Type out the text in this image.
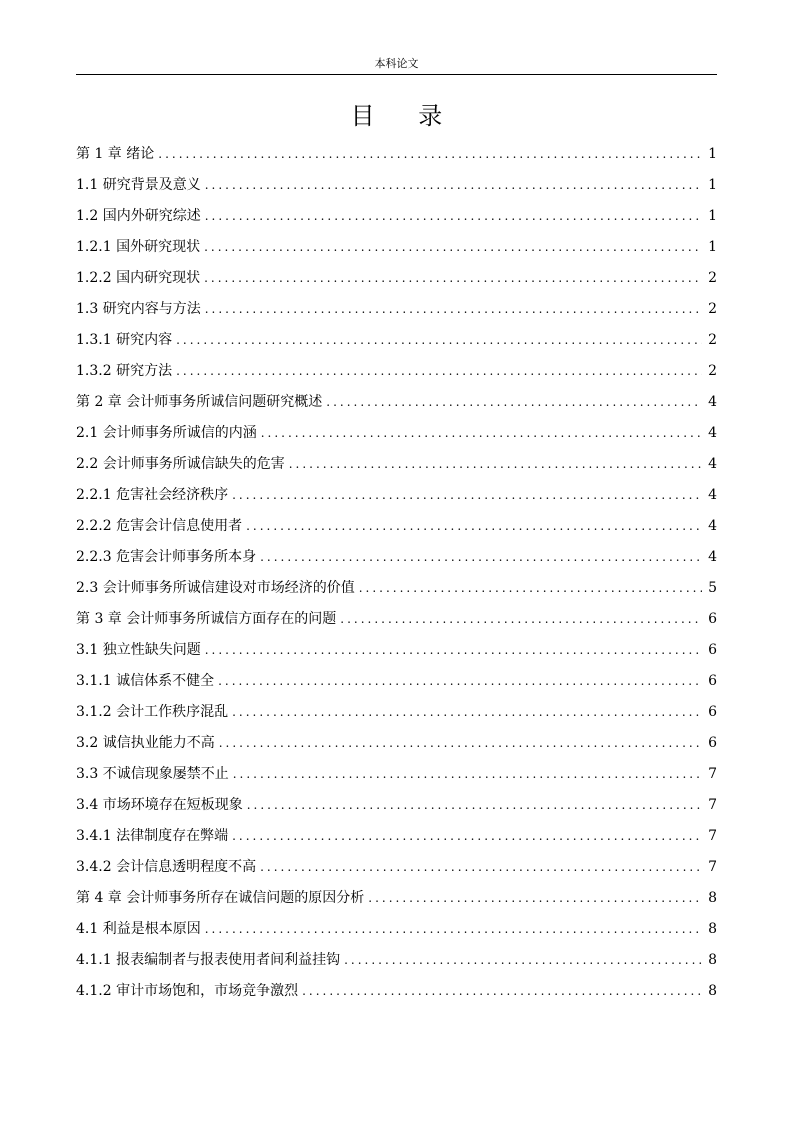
本科论文
目 录
第 1 章 绪论 .....	1
1.1 研究背景及意义 .....	1
1.2 国内外研究综述 .....	1
1.2.1 国外研究现状 .....	1
1.2.2 国内研究现状 .....	2
1.3 研究内容与方法 .....	2
1.3.1 研究内容 .....	2
1.3.2 研究方法 .....	2
第 2 章 会计师事务所诚信问题研究概述 .....	4
2.1 会计师事务所诚信的内涵 .....	4
2.2 会计师事务所诚信缺失的危害 .....	4
2.2.1 危害社会经济秩序 .....	4
2.2.2 危害会计信息使用者 .....	4
2.2.3 危害会计师事务所本身 .....	4
2.3 会计师事务所诚信建设对市场经济的价值 .....	5
第 3 章 会计师事务所诚信方面存在的问题 .....	6
3.1 独立性缺失问题 .....	6
3.1.1 诚信体系不健全 .....	6
3.1.2 会计工作秩序混乱 .....	6
3.2 诚信执业能力不高 .....	6
3.3 不诚信现象屡禁不止 .....	7
3.4 市场环境存在短板现象 .....	7
3.4.1 法律制度存在弊端 .....	7
3.4.2 会计信息透明程度不高 .....	7
第 4 章 会计师事务所存在诚信问题的原因分析 .....	8
4.1 利益是根本原因 .....	8
4.1.1 报表编制者与报表使用者间利益挂钩 .....	8
4.1.2 审计市场饱和，市场竞争激烈 .....	8
